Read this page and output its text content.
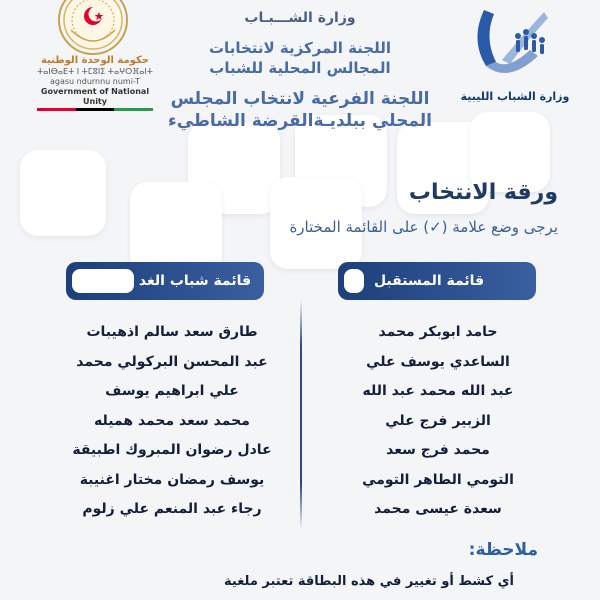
حكومة الوحدة الوطنية
ⵜⴰⵏⴱⴰⴹⵜ ⵏ ⵜⵎⵓⵏⵉ ⵜⴰⵖⵔⴼⴰⵏⵜ
agasu ndurnnu numi-T
Government of National Unity

وزارة الشـــبـاب
اللجنة المركزية لانتخابات
المجالس المحلية للشباب
اللجنة الفرعية لانتخاب المجلس
المحلي ببلديـةالقرضة الشاطيء
وزارة الشباب الليبية
ورقة الانتخاب
يرجى وضع علامة (✓) على القائمة المختارة
قائمة المستقبل
قائمة شباب الغد
حامد ابوبكر محمد
الساعدي يوسف علي
عبد الله محمد عبد الله
الزبير فرج علي
محمد فرج سعد
التومي الطاهر التومي
سعدة عيسى محمد
طارق سعد سالم اذهيبات
عبد المحسن البركولي محمد
علي ابراهيم يوسف
محمد سعد محمد هميله
عادل رضوان المبروك اطبيقة
يوسف رمضان مختار اغنيبة
رجاء عبد المنعم علي زلوم
ملاحظة:
أي كشط أو تغيير في هذه البطاقة تعتبر ملغية
